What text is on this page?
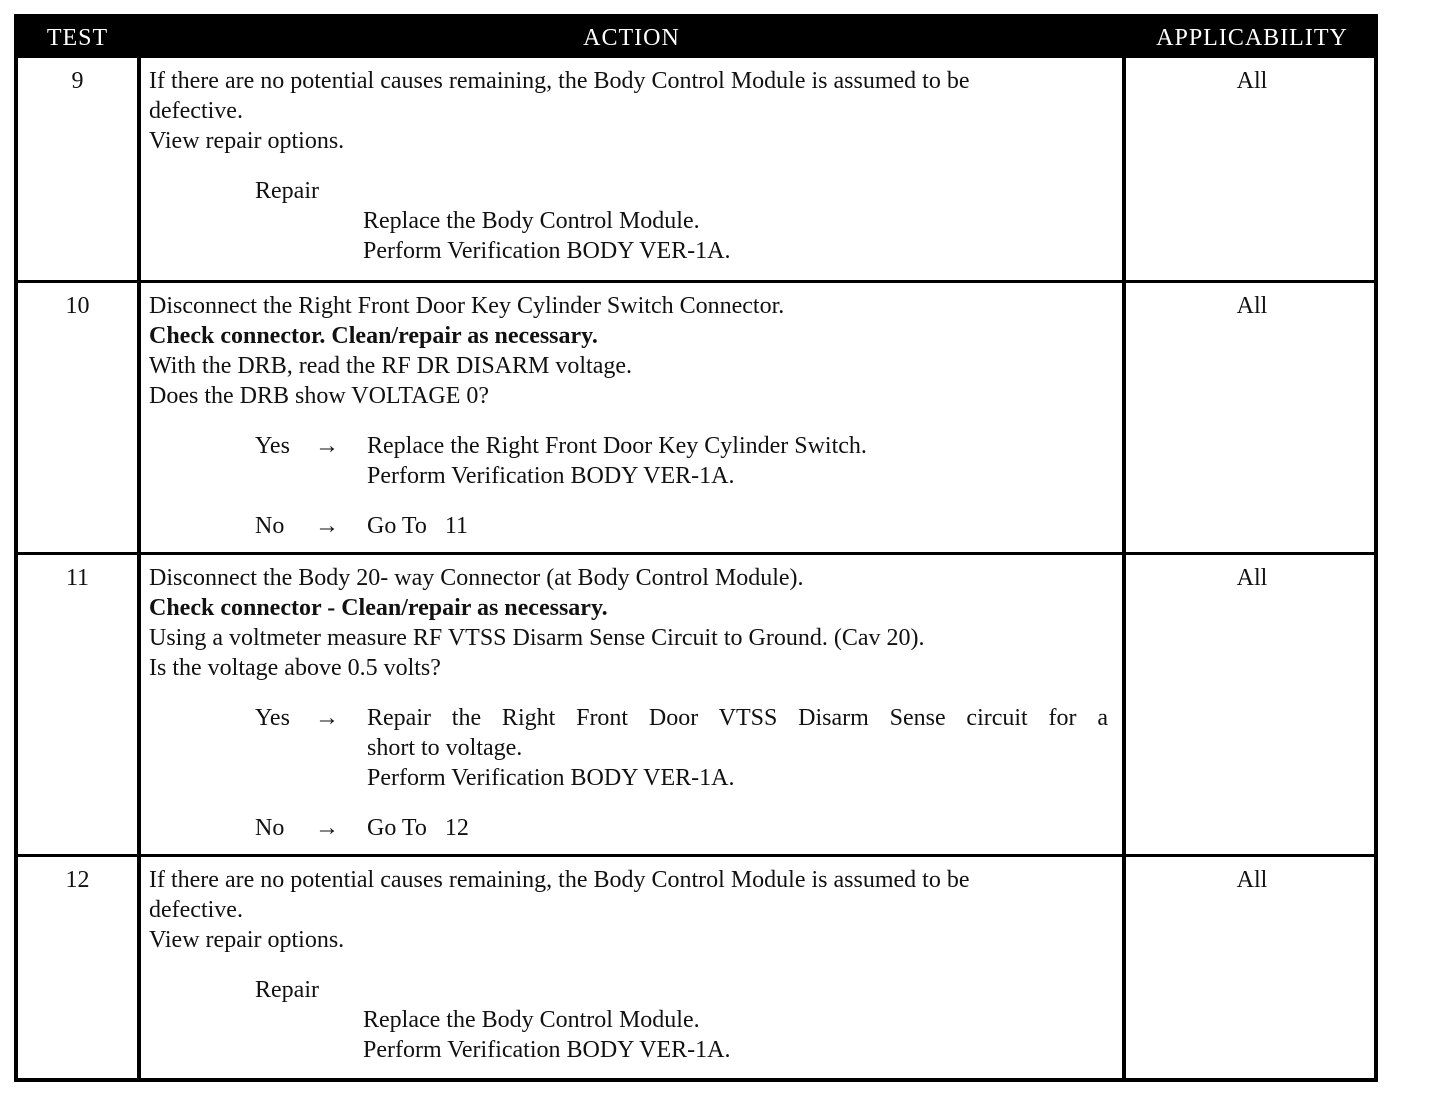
TEST	ACTION	APPLICABILITY
9	If there are no potential causes remaining, the Body Control Module is assumed to be
defective.
View repair options.
Repair
Replace the Body Control Module.
Perform Verification BODY VER-1A.
All
10	Disconnect the Right Front Door Key Cylinder Switch Connector.
Check connector. Clean/repair as necessary.
With the DRB, read the RF DR DISARM voltage.
Does the DRB show VOLTAGE 0?
Yes	→	Replace the Right Front Door Key Cylinder Switch.
Perform Verification BODY VER-1A.
No	→	Go To   11
All
11	Disconnect the Body 20- way Connector (at Body Control Module).
Check connector - Clean/repair as necessary.
Using a voltmeter measure RF VTSS Disarm Sense Circuit to Ground. (Cav 20).
Is the voltage above 0.5 volts?
Yes	→	Repair the Right Front Door VTSS Disarm Sense circuit for a
short to voltage.
Perform Verification BODY VER-1A.
No	→	Go To   12
All
12	If there are no potential causes remaining, the Body Control Module is assumed to be
defective.
View repair options.
Repair
Replace the Body Control Module.
Perform Verification BODY VER-1A.
All
